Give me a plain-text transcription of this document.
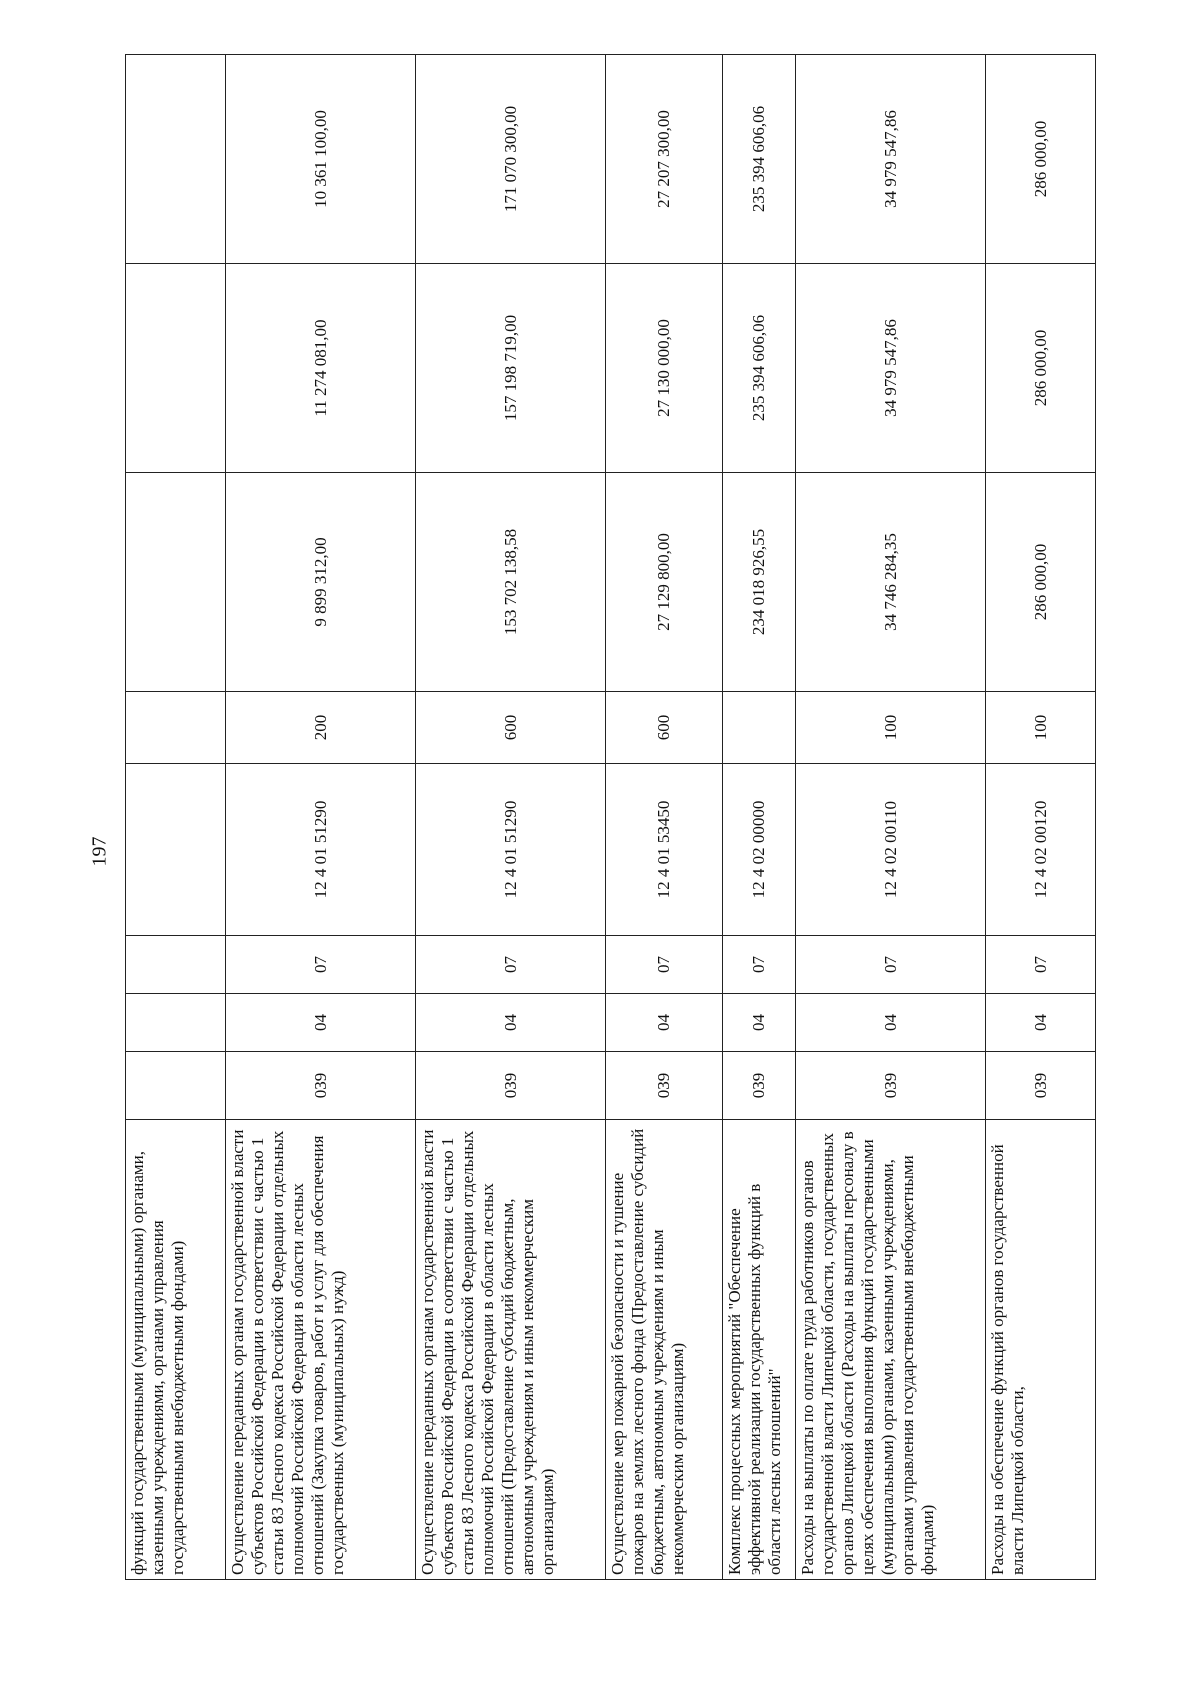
197
функций государственными (муниципальными) органами, казенными учреждениями, органами управления государственными внебюджетными фондами)								
Осуществление переданных органам государственной власти субъектов Российской Федерации в соответствии с частью 1 статьи 83 Лесного кодекса Российской Федерации отдельных полномочий Российской Федерации в области лесных отношений (Закупка товаров, работ и услуг для обеспечения государственных (муниципальных) нужд)	039	04	07	12 4 01 51290	200	9 899 312,00	11 274 081,00	10 361 100,00
Осуществление переданных органам государственной власти субъектов Российской Федерации в соответствии с частью 1 статьи 83 Лесного кодекса Российской Федерации отдельных полномочий Российской Федерации в области лесных отношений (Предоставление субсидий бюджетным, автономным учреждениям и иным некоммерческим организациям)	039	04	07	12 4 01 51290	600	153 702 138,58	157 198 719,00	171 070 300,00
Осуществление мер пожарной безопасности и тушение пожаров на землях лесного фонда (Предоставление субсидий бюджетным, автономным учреждениям и иным некоммерческим организациям)	039	04	07	12 4 01 53450	600	27 129 800,00	27 130 000,00	27 207 300,00
Комплекс процессных мероприятий "Обеспечение эффективной реализации государственных функций в области лесных отношений"	039	04	07	12 4 02 00000		234 018 926,55	235 394 606,06	235 394 606,06
Расходы на выплаты по оплате труда работников органов государственной власти Липецкой области, государственных органов Липецкой области (Расходы на выплаты персоналу в целях обеспечения выполнения функций государственными (муниципальными) органами, казенными учреждениями, органами управления государственными внебюджетными фондами)	039	04	07	12 4 02 00110	100	34 746 284,35	34 979 547,86	34 979 547,86
Расходы на обеспечение функций органов государственной власти Липецкой области,	039	04	07	12 4 02 00120	100	286 000,00	286 000,00	286 000,00
